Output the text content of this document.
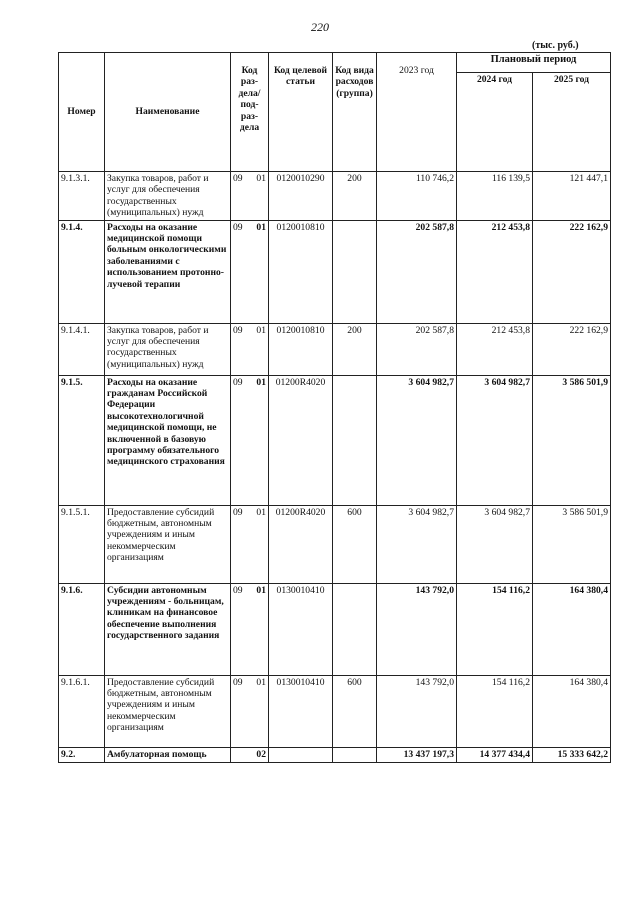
220
(тыс. руб.)
Номер	Наименование	Код раз- дела/ под- раз- дела	Код целевой статьи	Код вида расходов (группа)	2023 год	Плановый период	
						2024 год	2025 год
9.1.3.1.	Закупка товаров, работ и услуг для обеспечения государственных (муниципальных) нужд	09 01	0120010290	200	110 746,2	116 139,5	121 447,1
9.1.4.	Расходы на оказание медицинской помощи больным онкологическими заболеваниями с использованием протонно-лучевой терапии	09 01	0120010810		202 587,8	212 453,8	222 162,9
9.1.4.1.	Закупка товаров, работ и услуг для обеспечения государственных (муниципальных) нужд	09 01	0120010810	200	202 587,8	212 453,8	222 162,9
9.1.5.	Расходы на оказание гражданам Российской Федерации высокотехнологичной медицинской помощи, не включенной в базовую программу обязательного медицинского страхования	09 01	01200R4020		3 604 982,7	3 604 982,7	3 586 501,9
9.1.5.1.	Предоставление субсидий бюджетным, автономным учреждениям и иным некоммерческим организациям	09 01	01200R4020	600	3 604 982,7	3 604 982,7	3 586 501,9
9.1.6.	Субсидии автономным учреждениям - больницам, клиникам на финансовое обеспечение выполнения государственного задания	09 01	0130010410		143 792,0	154 116,2	164 380,4
9.1.6.1.	Предоставление субсидий бюджетным, автономным учреждениям и иным некоммерческим организациям	09 01	0130010410	600	143 792,0	154 116,2	164 380,4
9.2.	Амбулаторная помощь	02			13 437 197,3	14 377 434,4	15 333 642,2
